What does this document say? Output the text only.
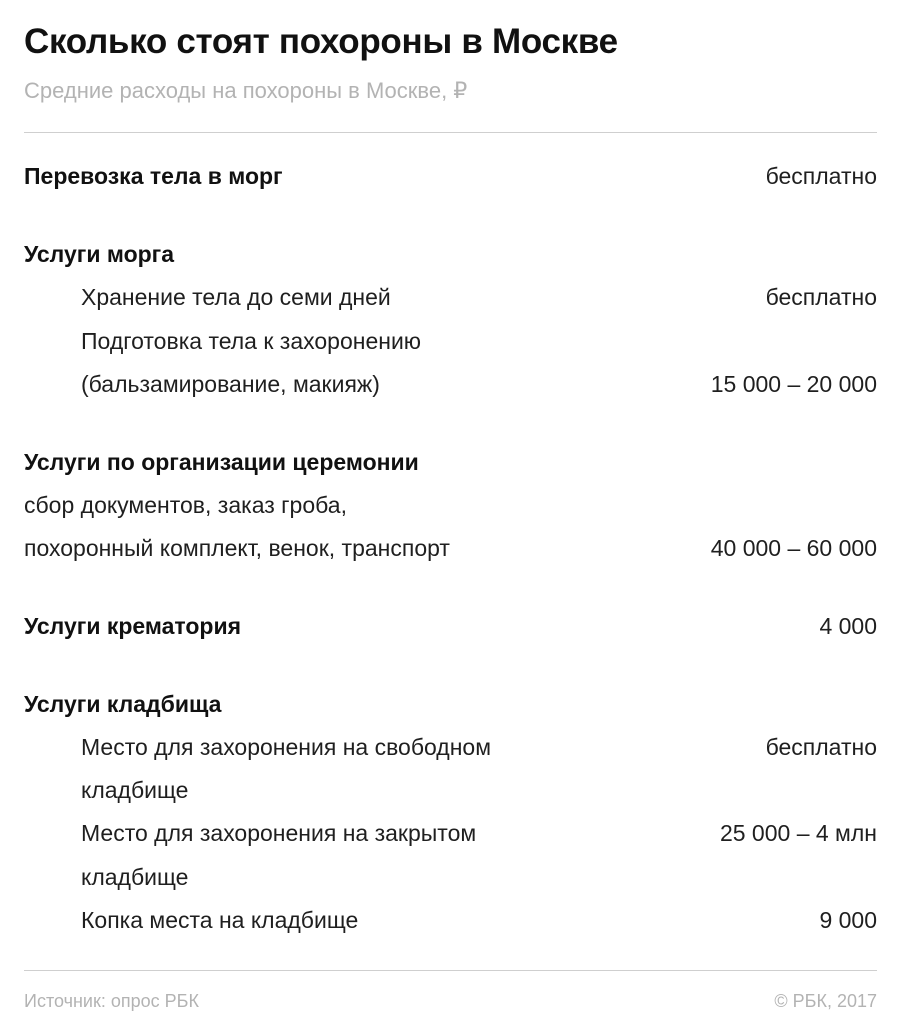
Сколько стоят похороны в Москве
Средние расходы на похороны в Москве, ₽
Перевозка тела в морг	бесплатно
Услуги морга
Хранение тела до семи дней	бесплатно
Подготовка тела к захоронению
(бальзамирование, макияж)	15 000 – 20 000
Услуги по организации церемонии
сбор документов, заказ гроба,
похоронный комплект, венок, транспорт	40 000 – 60 000
Услуги крематория	4 000
Услуги кладбища
Место для захоронения на свободном	бесплатно
кладбище
Место для захоронения на закрытом	25 000 – 4 млн
кладбище
Копка места на кладбище	9 000
Источник: опрос РБК	© РБК, 2017
